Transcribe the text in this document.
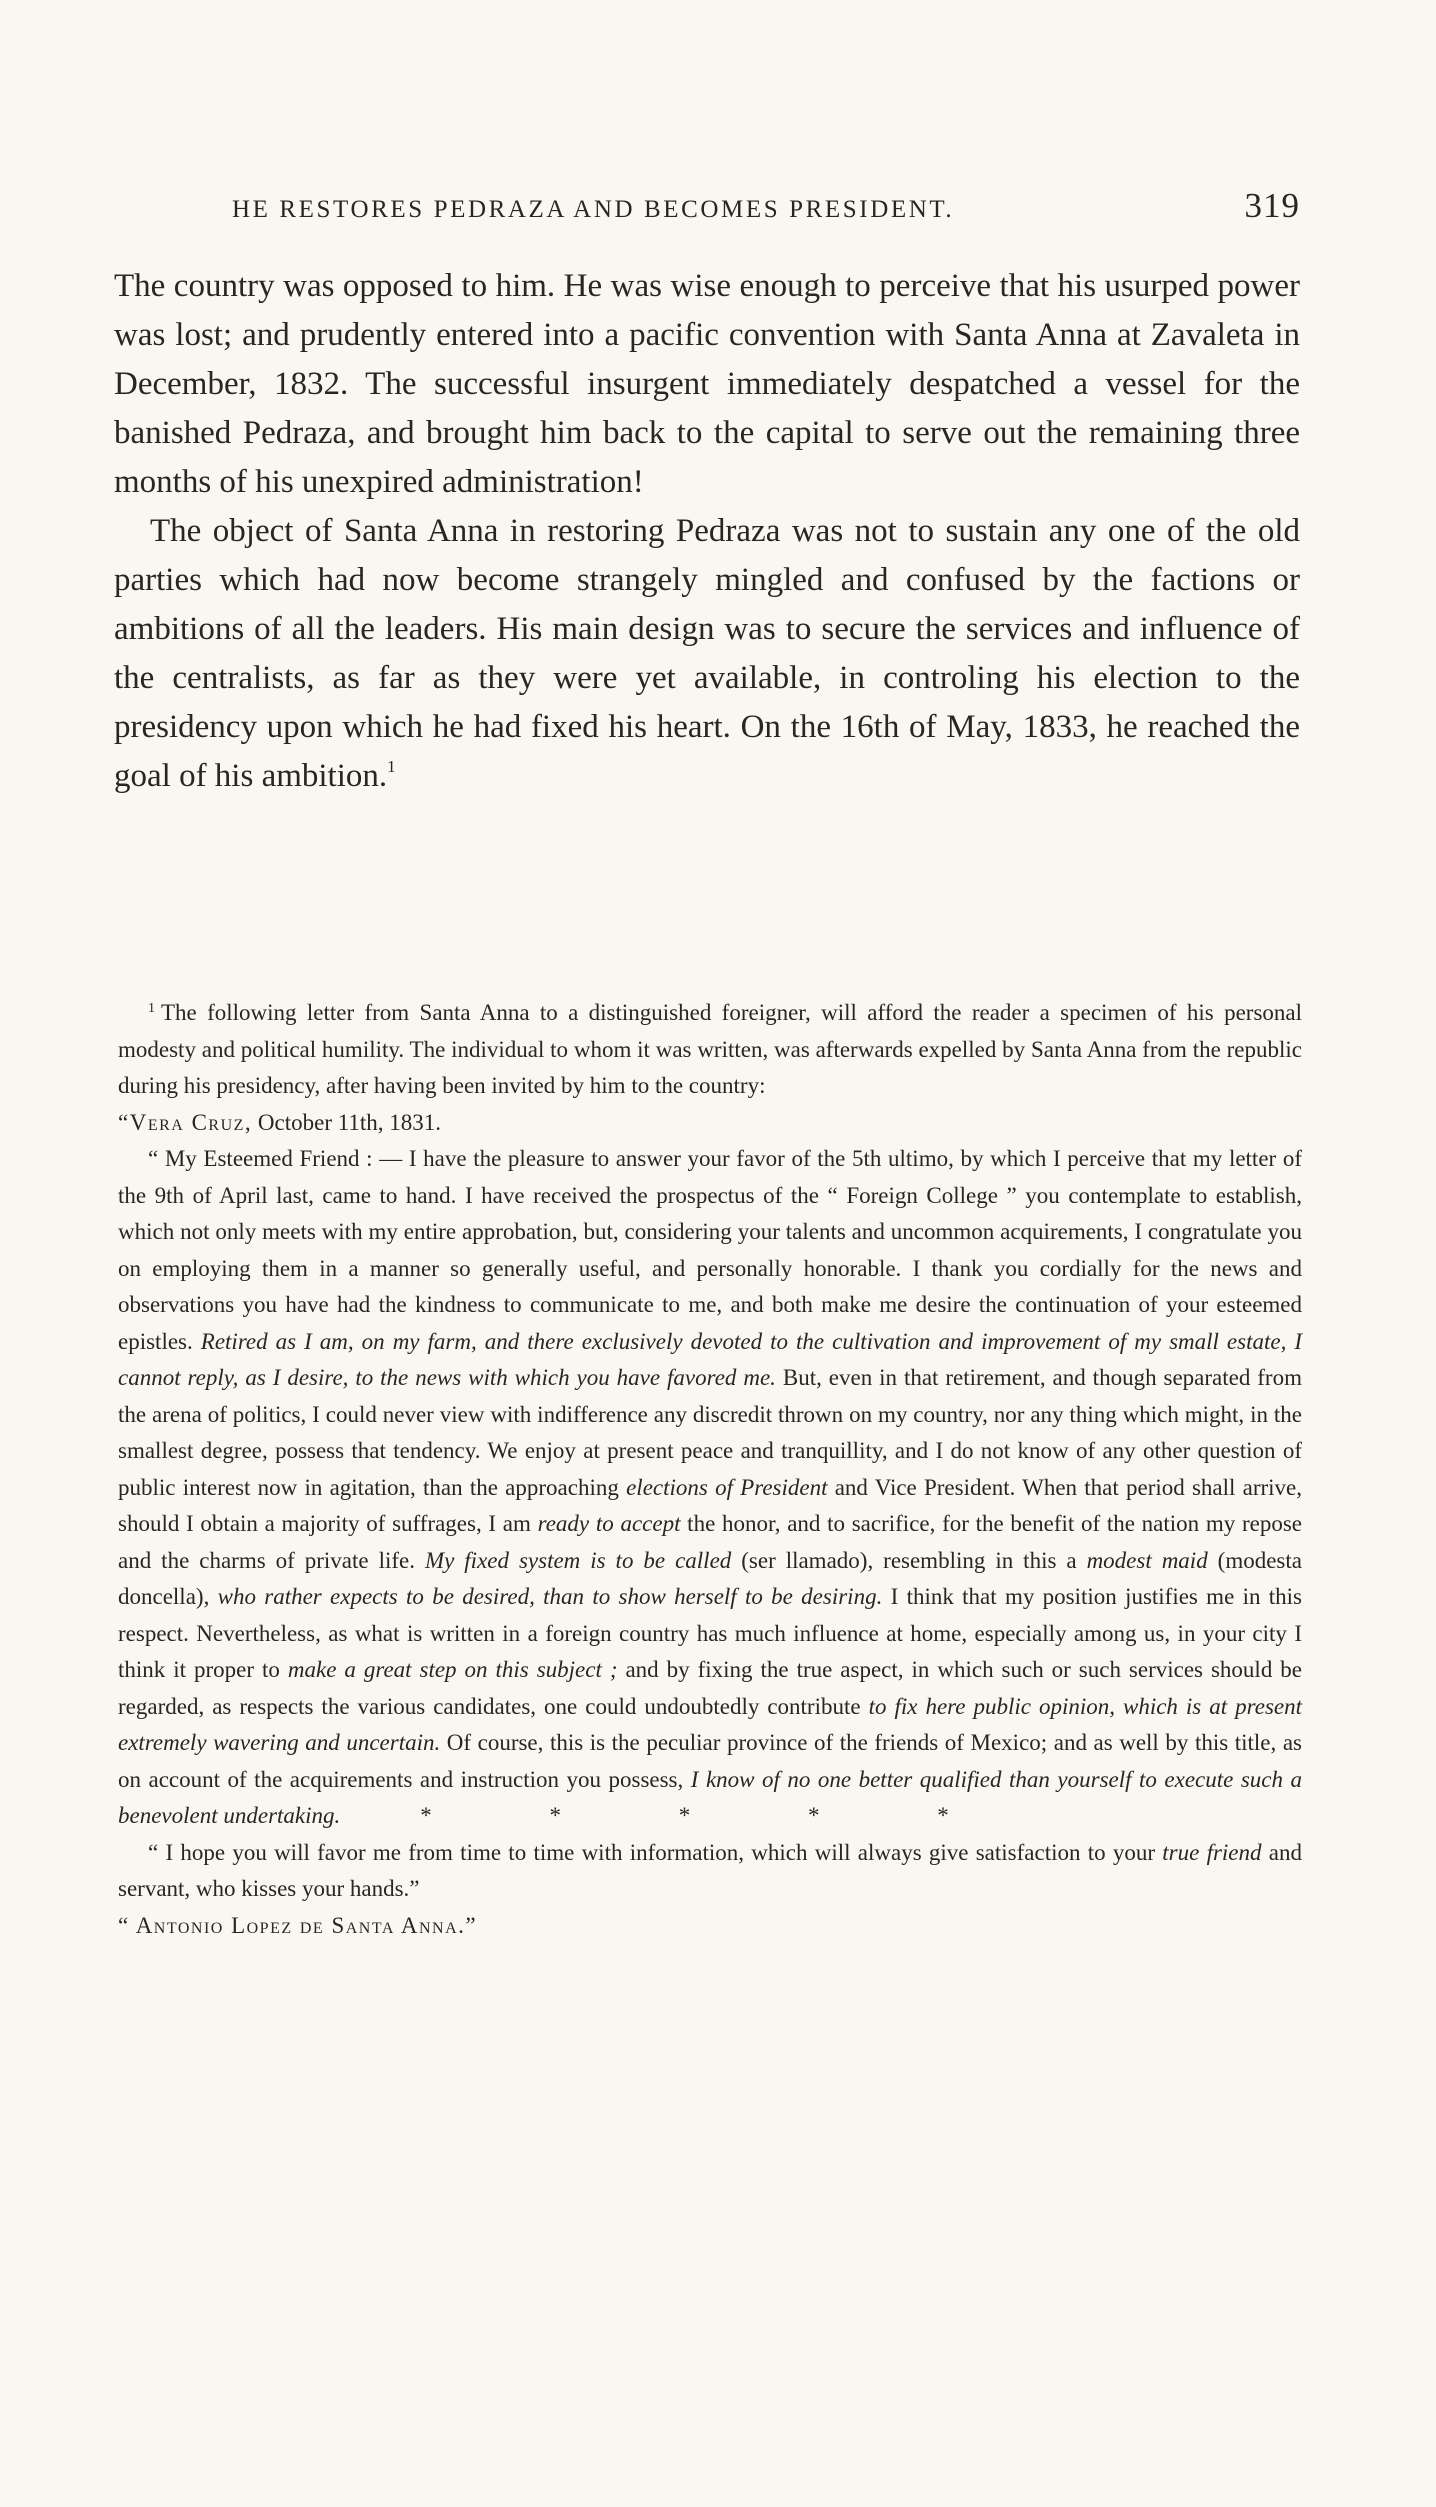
HE RESTORES PEDRAZA AND BECOMES PRESIDENT.	319

The country was opposed to him. He was wise enough to perceive that his usurped power was lost; and prudently entered into a pacific convention with Santa Anna at Zavaleta in December, 1832. The successful insurgent immediately despatched a vessel for the banished Pedraza, and brought him back to the capital to serve out the remaining three months of his unexpired administration!

The object of Santa Anna in restoring Pedraza was not to sustain any one of the old parties which had now become strangely mingled and confused by the factions or ambitions of all the leaders. His main design was to secure the services and influence of the centralists, as far as they were yet available, in controling his election to the presidency upon which he had fixed his heart. On the 16th of May, 1833, he reached the goal of his ambition.$^1$

$^1$ The following letter from Santa Anna to a distinguished foreigner, will afford the reader a specimen of his personal modesty and political humility. The individual to whom it was written, was afterwards expelled by Santa Anna from the republic during his presidency, after having been invited by him to the country:

“Vera Cruz, October 11th, 1831.

“ My Esteemed Friend : — I have the pleasure to answer your favor of the 5th ultimo, by which I perceive that my letter of the 9th of April last, came to hand. I have received the prospectus of the “ Foreign College ” you contemplate to establish, which not only meets with my entire approbation, but, considering your talents and uncommon acquirements, I congratulate you on employing them in a manner so generally useful, and personally honorable. I thank you cordially for the news and observations you have had the kindness to communicate to me, and both make me desire the continuation of your esteemed epistles. Retired as I am, on my farm, and there exclusively devoted to the cultivation and improvement of my small estate, I cannot reply, as I desire, to the news with which you have favored me. But, even in that retirement, and though separated from the arena of politics, I could never view with indifference any discredit thrown on my country, nor any thing which might, in the smallest degree, possess that tendency. We enjoy at present peace and tranquillity, and I do not know of any other question of public interest now in agitation, than the approaching elections of President and Vice President. When that period shall arrive, should I obtain a majority of suffrages, I am ready to accept the honor, and to sacrifice, for the benefit of the nation my repose and the charms of private life. My fixed system is to be called (ser llamado), resembling in this a modest maid (modesta doncella), who rather expects to be desired, than to show herself to be desiring. I think that my position justifies me in this respect. Nevertheless, as what is written in a foreign country has much influence at home, especially among us, in your city I think it proper to make a great step on this subject ; and by fixing the true aspect, in which such or such services should be regarded, as respects the various candidates, one could undoubtedly contribute to fix here public opinion, which is at present extremely wavering and uncertain. Of course, this is the peculiar province of the friends of Mexico; and as well by this title, as on account of the acquirements and instruction you possess, I know of no one better qualified than yourself to execute such a benevolent undertaking.	* * * * *

“ I hope you will favor me from time to time with information, which will always give satisfaction to your true friend and servant, who kisses your hands.”

“ Antonio Lopez de Santa Anna.”
